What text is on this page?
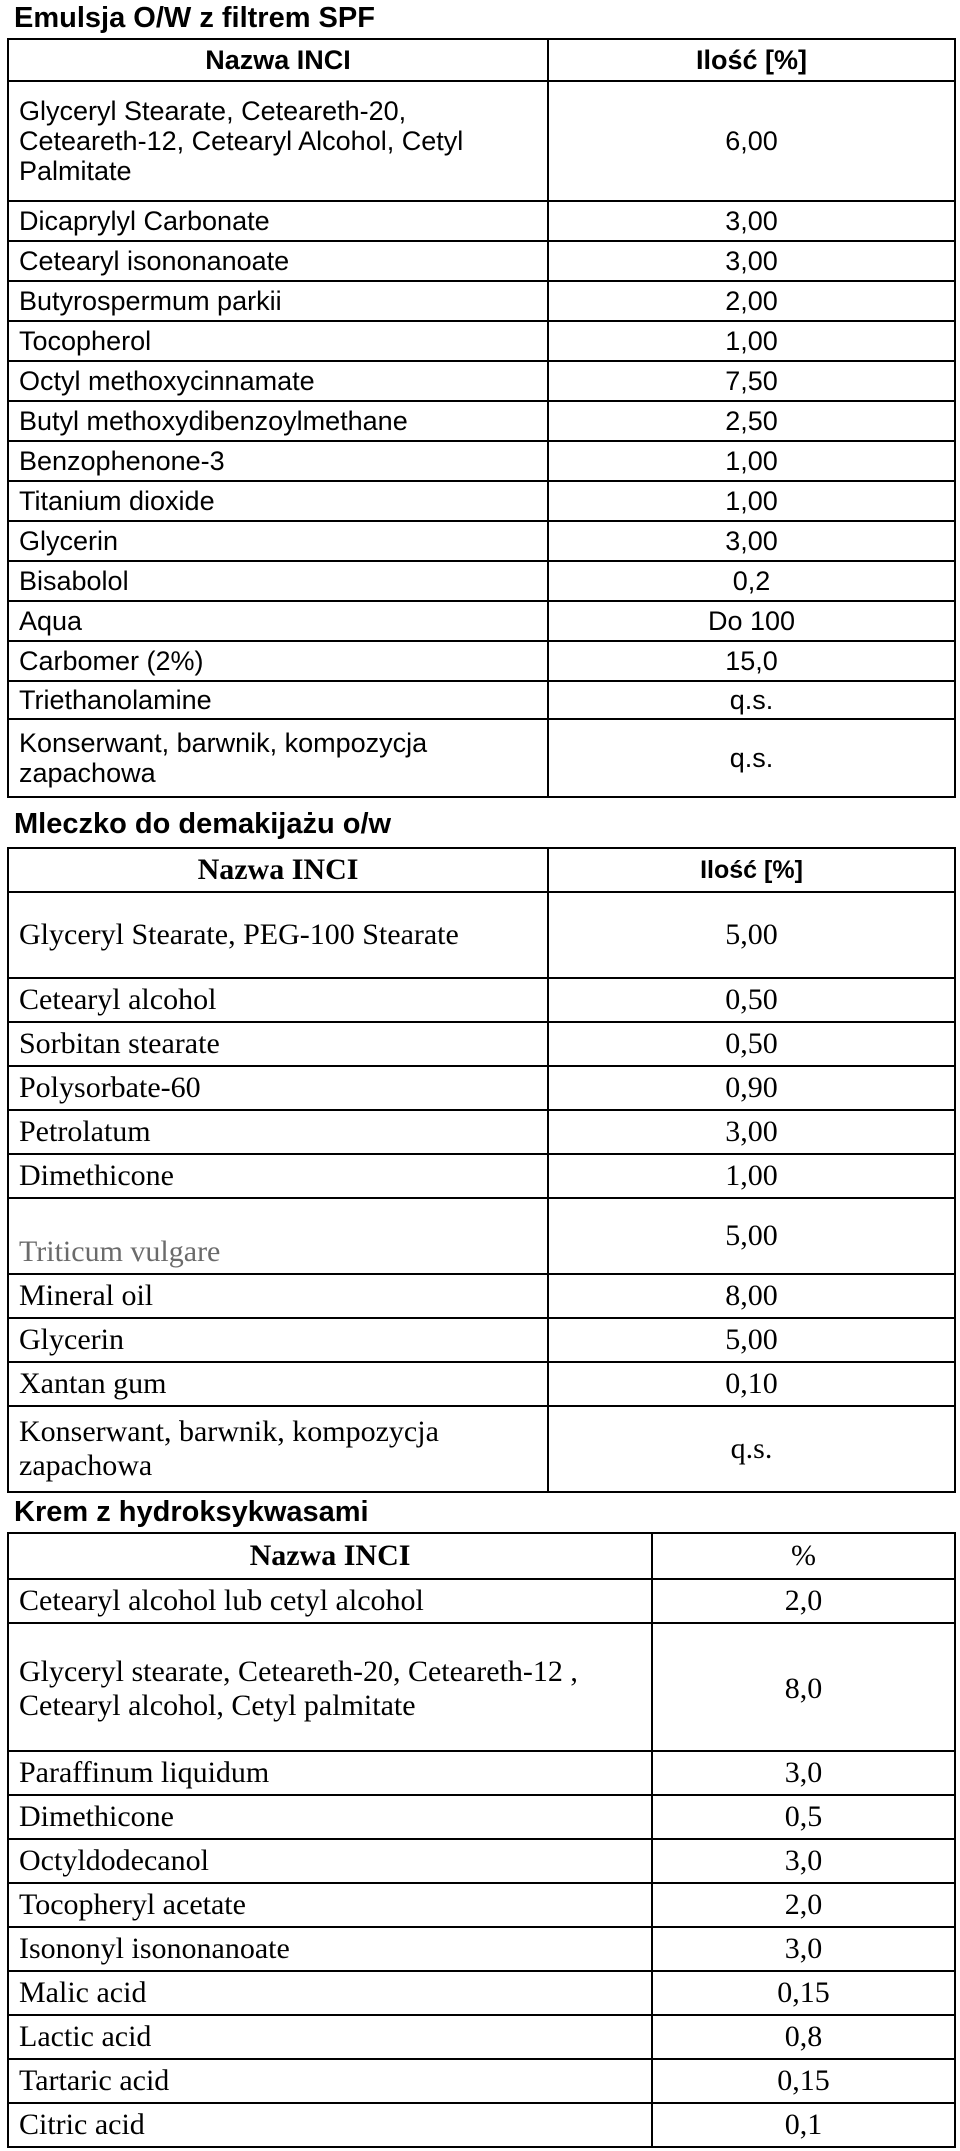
Emulsja O/W z filtrem SPF
Nazwa INCI	Ilość [%]
Glyceryl Stearate, Ceteareth-20, Ceteareth-12, Cetearyl Alcohol, Cetyl Palmitate	6,00
Dicaprylyl Carbonate	3,00
Cetearyl isononanoate	3,00
Butyrospermum parkii	2,00
Tocopherol	1,00
Octyl methoxycinnamate	7,50
Butyl methoxydibenzoylmethane	2,50
Benzophenone-3	1,00
Titanium dioxide	1,00
Glycerin	3,00
Bisabolol	0,2
Aqua	Do 100
Carbomer (2%)	15,0
Triethanolamine	q.s.
Konserwant, barwnik, kompozycja zapachowa	q.s.
Mleczko do demakijażu o/w
Nazwa INCI	Ilość [%]
Glyceryl Stearate, PEG-100 Stearate	5,00
Cetearyl alcohol	0,50
Sorbitan stearate	0,50
Polysorbate-60	0,90
Petrolatum	3,00
Dimethicone	1,00
Triticum vulgare	5,00
Mineral oil	8,00
Glycerin	5,00
Xantan gum	0,10
Konserwant, barwnik, kompozycja zapachowa	q.s.
Krem z hydroksykwasami
Nazwa INCI	%
Cetearyl alcohol lub cetyl alcohol	2,0
Glyceryl stearate, Ceteareth-20, Ceteareth-12 , Cetearyl alcohol, Cetyl palmitate	8,0
Paraffinum liquidum	3,0
Dimethicone	0,5
Octyldodecanol	3,0
Tocopheryl acetate	2,0
Isononyl isononanoate	3,0
Malic acid	0,15
Lactic acid	0,8
Tartaric acid	0,15
Citric acid	0,1
